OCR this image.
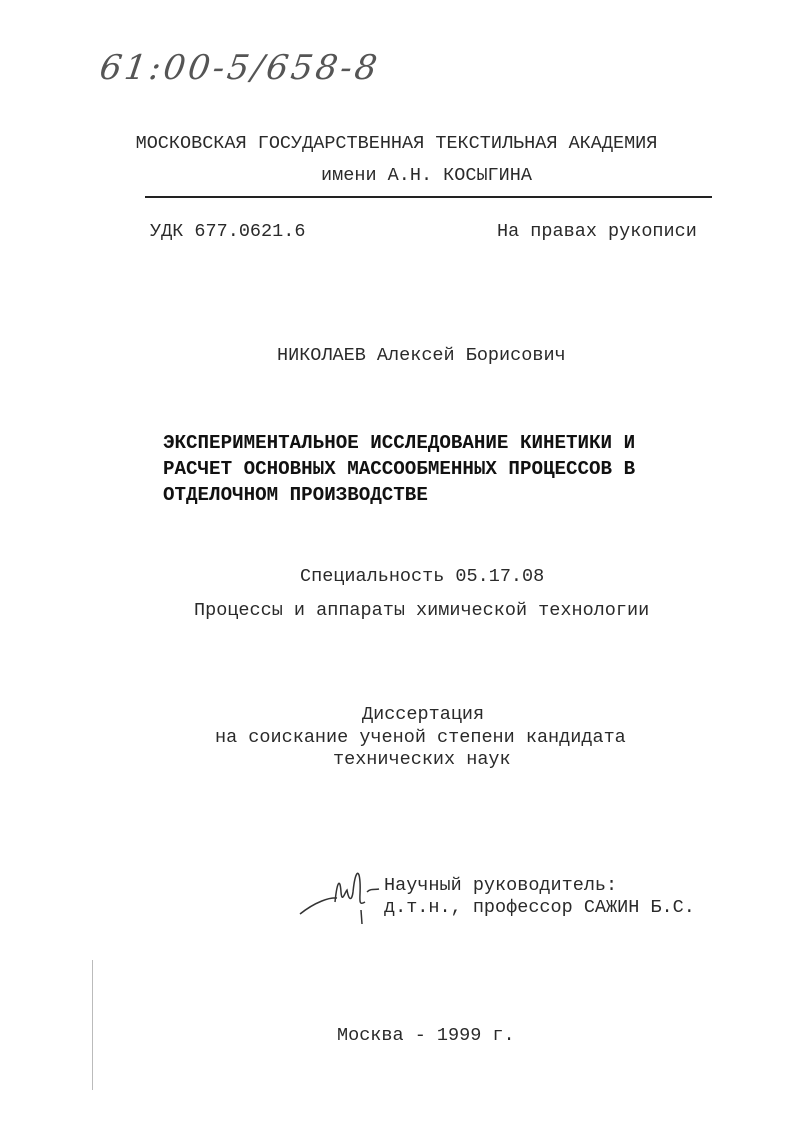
61:00-5/658-8
МОСКОВСКАЯ ГОСУДАРСТВЕННАЯ ТЕКСТИЛЬНАЯ АКАДЕМИЯ
имени А.Н. КОСЫГИНА
УДК 677.0621.6	На правах рукописи
НИКОЛАЕВ Алексей Борисович
ЭКСПЕРИМЕНТАЛЬНОЕ ИССЛЕДОВАНИЕ КИНЕТИКИ И
РАСЧЕТ ОСНОВНЫХ МАССООБМЕННЫХ ПРОЦЕССОВ В
ОТДЕЛОЧНОМ ПРОИЗВОДСТВЕ
Специальность 05.17.08
Процессы и аппараты химической технологии
Диссертация
на соискание ученой степени кандидата
технических наук
Научный руководитель:
д.т.н., профессор САЖИН Б.С.
Москва - 1999 г.
